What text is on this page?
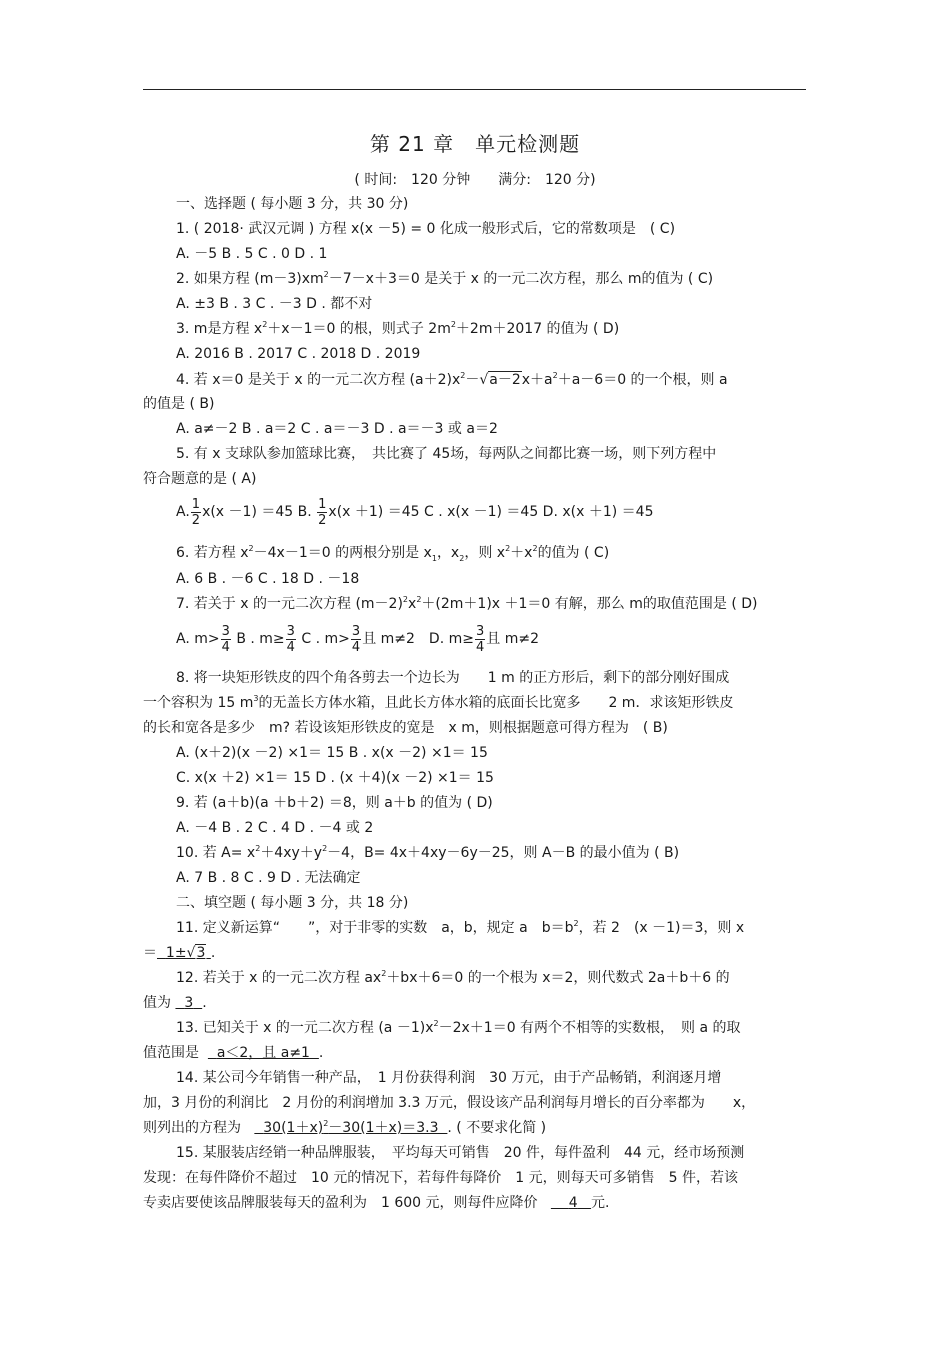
第 21 章　单元检测题
( 时间:　120 分钟　　满分:　120 分)
一、选择题 ( 每小题 3 分，共 30 分)
1. ( 2018· 武汉元调 ) 方程 x(x －5) = 0 化成一般形式后，它的常数项是　( C)
A. －5 B . 5 C . 0 D . 1
2. 如果方程 $(m-3)xm^2-7-x+3=0$ 是关于 x 的一元二次方程，那么 m的值为 ( C)
A. ±3 B . 3 C . －3 D . 都不对
3. m是方程 $x^2+x-1=0$ 的根，则式子 $2m^2+2m+2017$ 的值为 ( D)
A. 2016 B . 2017 C . 2018 D . 2019
4. 若 x＝0 是关于 x 的一元二次方程 $(a+2)x^2-√a-2x+a^2+a-6=0$ 的一个根，则 a
的值是 ( B)
A. a≠－2 B . a＝2 C . a＝－3 D . a＝－3 或 a＝2
5. 有 x 支球队参加篮球比赛，　共比赛了 45场，每两队之间都比赛一场，则下列方程中
符合题意的是 ( A)
A. $\frac{1}{2} x(x -1) =45$ B. $\frac{1}{2} x(x +1) =45$ C . x(x －1) ＝45 D. x(x ＋1) ＝45
6. 若方程 $x^2-4x-1=0$ 的两根分别是 $x_1$，$x_2$，则 $x^2+x^2$的值为 ( C)
A. 6 B . －6 C . 18 D . －18
7. 若关于 x 的一元二次方程 $(m-2)^2x^2+(2m+1)x +1=0$ 有解，那么 m的取值范围是 ( D)
A. $m> \frac{3}{4}$ B . $m\ge \frac{3}{4}$ C . $m> \frac{3}{4}$ 且 m≠2　D. $m\ge \frac{3}{4}$ 且 m≠2
8. 将一块矩形铁皮的四个角各剪去一个边长为　　1 m 的正方形后，剩下的部分刚好围成
一个容积为 15 $m^3$的无盖长方体水箱，且此长方体水箱的底面长比宽多　　2 m．求该矩形铁皮
的长和宽各是多少　m? 若设该矩形铁皮的宽是　x m，则根据题意可得方程为　( B)
A. (x＋2)(x －2) ×1＝ 15 B . x(x －2) ×1＝ 15
C. x(x ＋2) ×1＝ 15 D . (x ＋4)(x －2) ×1＝ 15
9. 若 (a＋b)(a ＋b＋2) ＝8，则 a＋b 的值为 ( D)
A. －4 B . 2 C . 4 D . －4 或 2
10. 若 $A= x^2+4xy+y^2-4$，B= 4x＋4xy－6y－25，则 A－B 的最小值为 ( B)
A. 7 B . 8 C . 9 D . 无法确定
二、填空题 ( 每小题 3 分，共 18 分)
11. 定义新运算“　　”，对于非零的实数　a，b，规定 a　$b=b^2$，若 2　(x －1)＝3，则 x
＝ 1±√3 .
12. 若关于 x 的一元二次方程 $ax^2+bx+6=0$ 的一个根为 x＝2，则代数式 2a＋b＋6 的
值为 3 .
13. 已知关于 x 的一元二次方程 $(a -1)x^2-2x+1=0$ 有两个不相等的实数根，　则 a 的取
值范围是 a＜2，且 a≠1 .
14. 某公司今年销售一种产品，　1 月份获得利润　30 万元，由于产品畅销，利润逐月增
加，3 月份的利润比　2 月份的利润增加 3.3 万元，假设该产品利润每月增长的百分率都为　　x，
则列出的方程为 $30(1+x)^2-30(1+x)=3.3$ . ( 不要求化简 )
15. 某服装店经销一种品牌服装，　平均每天可销售　20 件，每件盈利　44 元，经市场预测
发现：在每件降价不超过　10 元的情况下，若每件每降价　1 元，则每天可多销售　5 件，若该
专卖店要使该品牌服装每天的盈利为　1 600 元，则每件应降价 4 元.
